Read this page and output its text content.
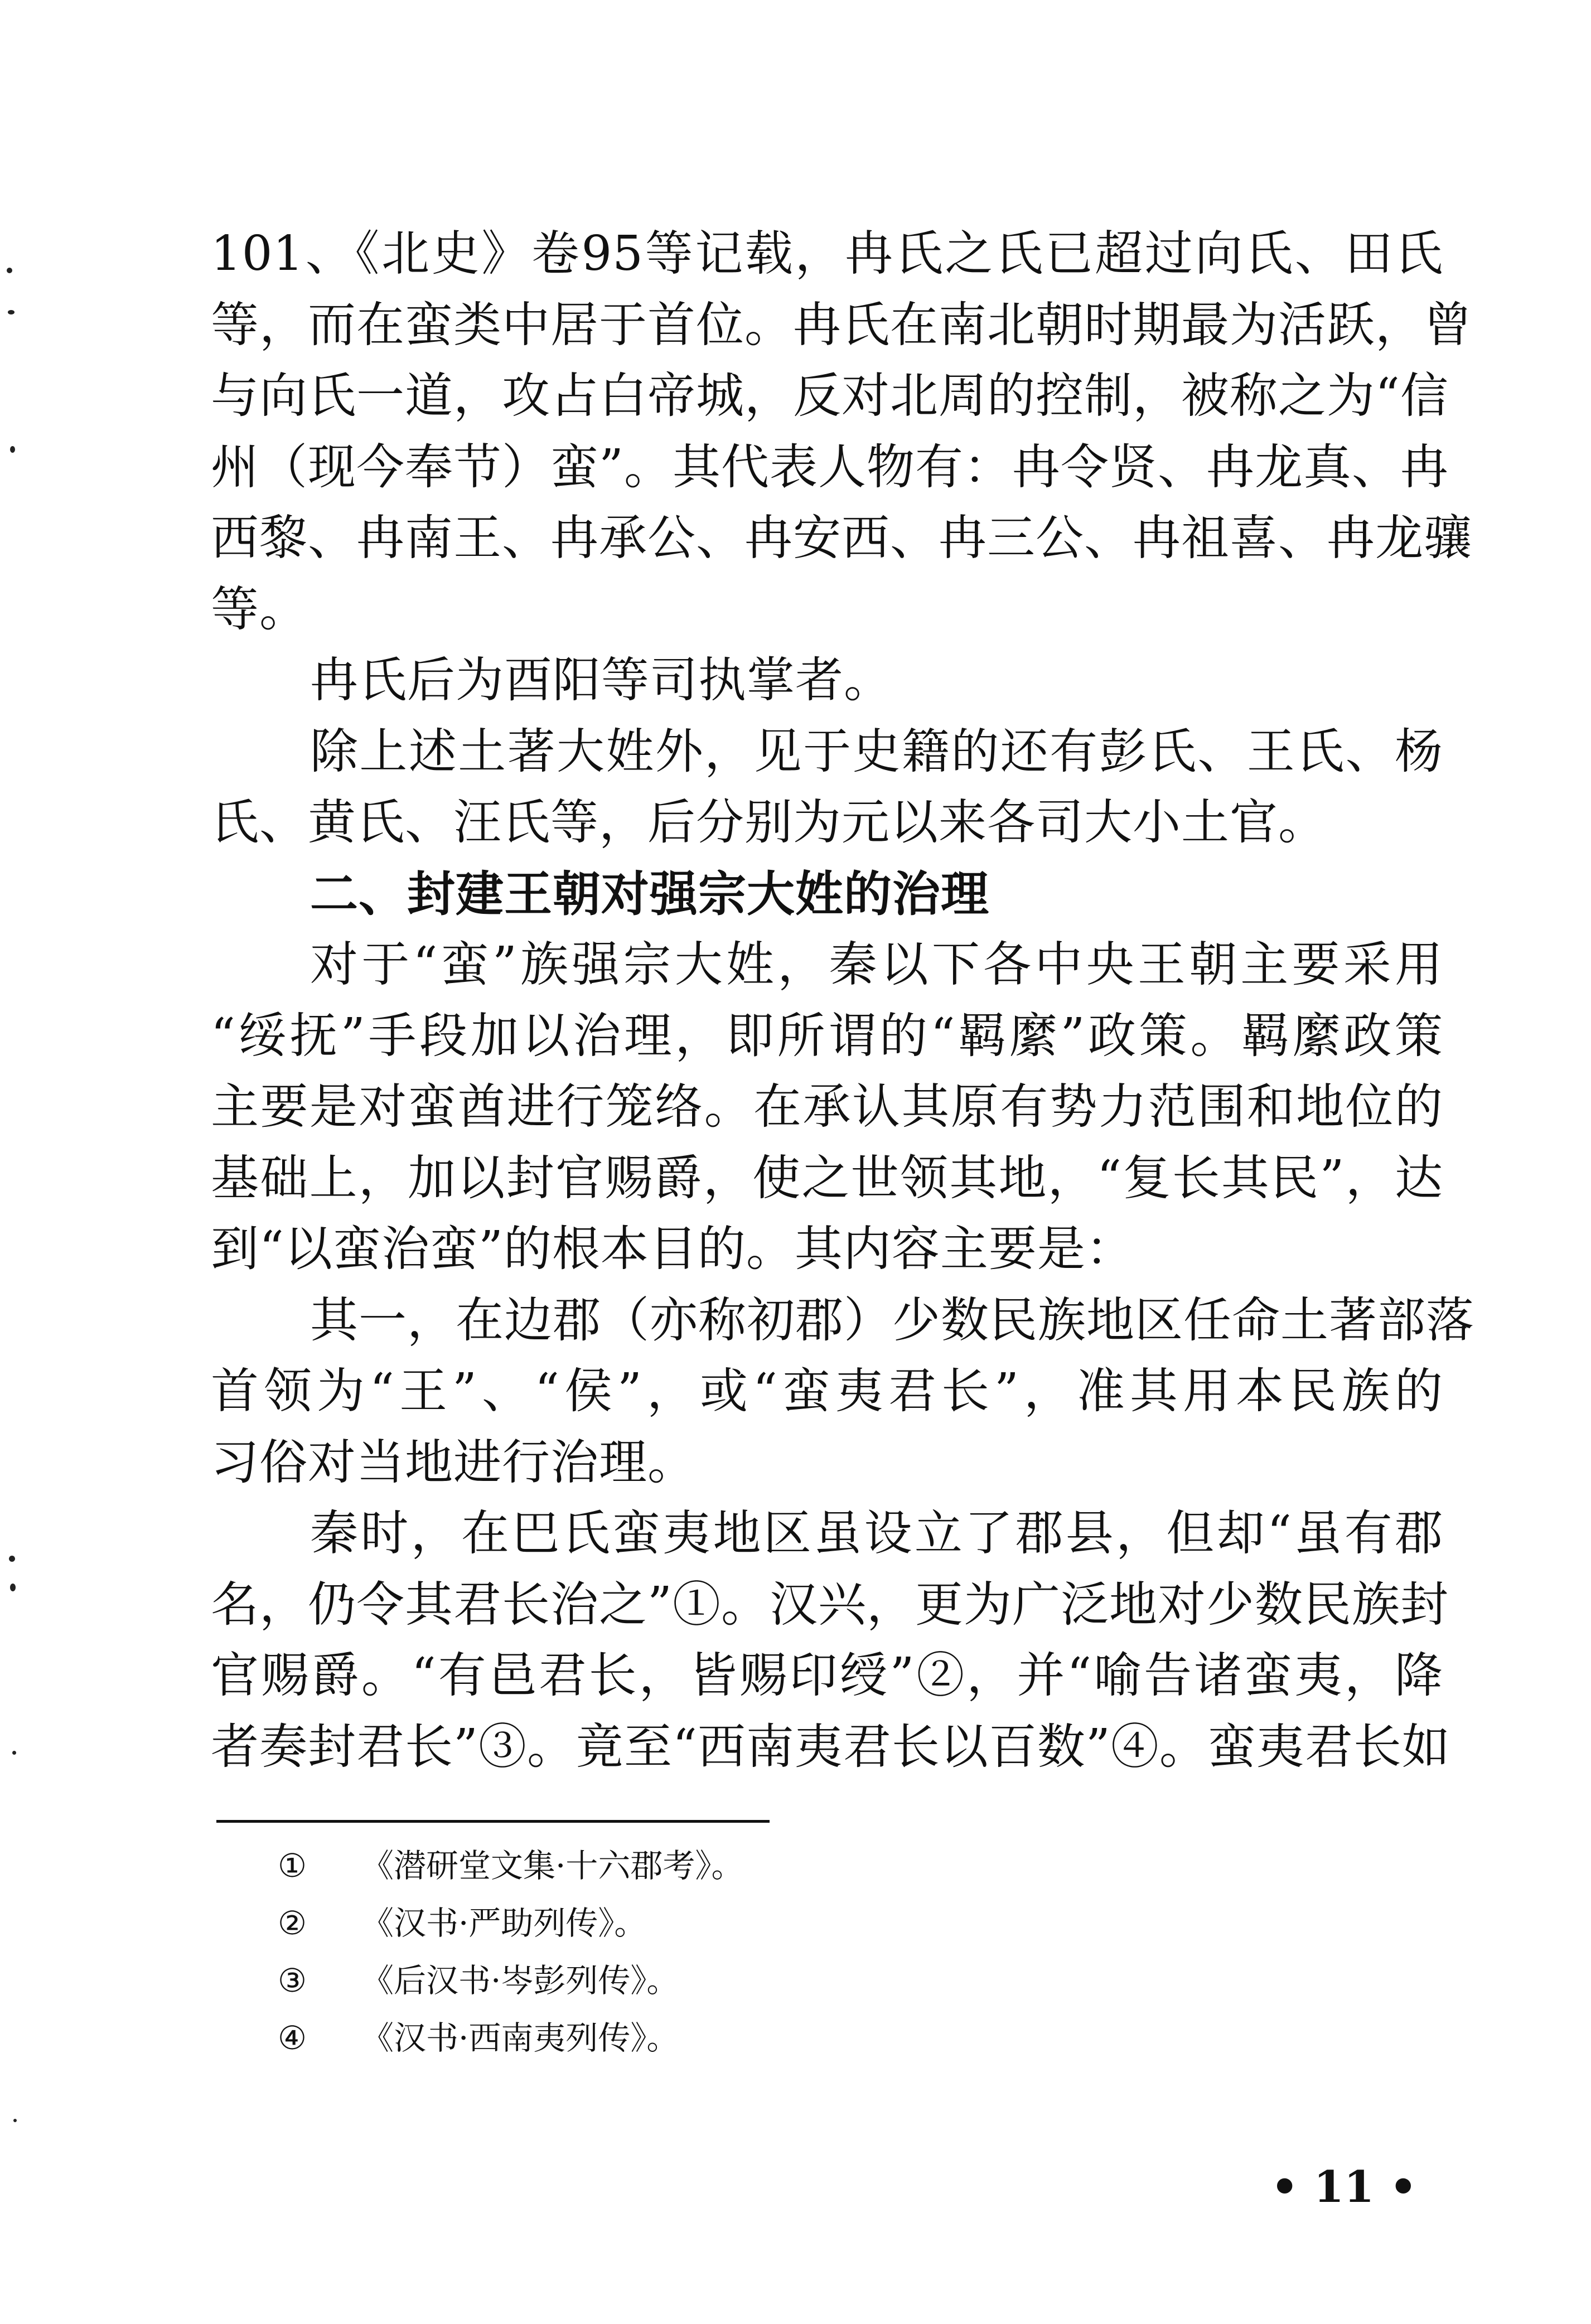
101、《北史》卷95等记载，冉氏之氏已超过向氏、田氏
等，而在蛮类中居于首位。冉氏在南北朝时期最为活跃，曾
与向氏一道，攻占白帝城，反对北周的控制，被称之为“信
州（现今奉节）蛮”。其代表人物有：冉令贤、冉龙真、冉
西黎、冉南王、冉承公、冉安西、冉三公、冉祖喜、冉龙骧
等。
冉氏后为酉阳等司执掌者。
除上述土著大姓外，见于史籍的还有彭氏、王氏、杨
氏、黄氏、汪氏等，后分别为元以来各司大小土官。
二、封建王朝对强宗大姓的治理
对于“蛮”族强宗大姓，秦以下各中央王朝主要采用
“绥抚”手段加以治理，即所谓的“羁縻”政策。羁縻政策
主要是对蛮酋进行笼络。在承认其原有势力范围和地位的
基础上，加以封官赐爵，使之世领其地，“复长其民”，达
到“以蛮治蛮”的根本目的。其内容主要是：
其一，在边郡（亦称初郡）少数民族地区任命土著部落
首领为“王”、“侯”，或“蛮夷君长”，准其用本民族的
习俗对当地进行治理。
秦时，在巴氏蛮夷地区虽设立了郡县，但却“虽有郡
名，仍令其君长治之”①。汉兴，更为广泛地对少数民族封
官赐爵。“有邑君长，皆赐印绶”②，并“喻告诸蛮夷，降
者奏封君长”③。竟至“西南夷君长以百数”④。蛮夷君长如
① 《潜研堂文集·十六郡考》。
② 《汉书·严助列传》。
③ 《后汉书·岑彭列传》。
④ 《汉书·西南夷列传》。
• 11 •
